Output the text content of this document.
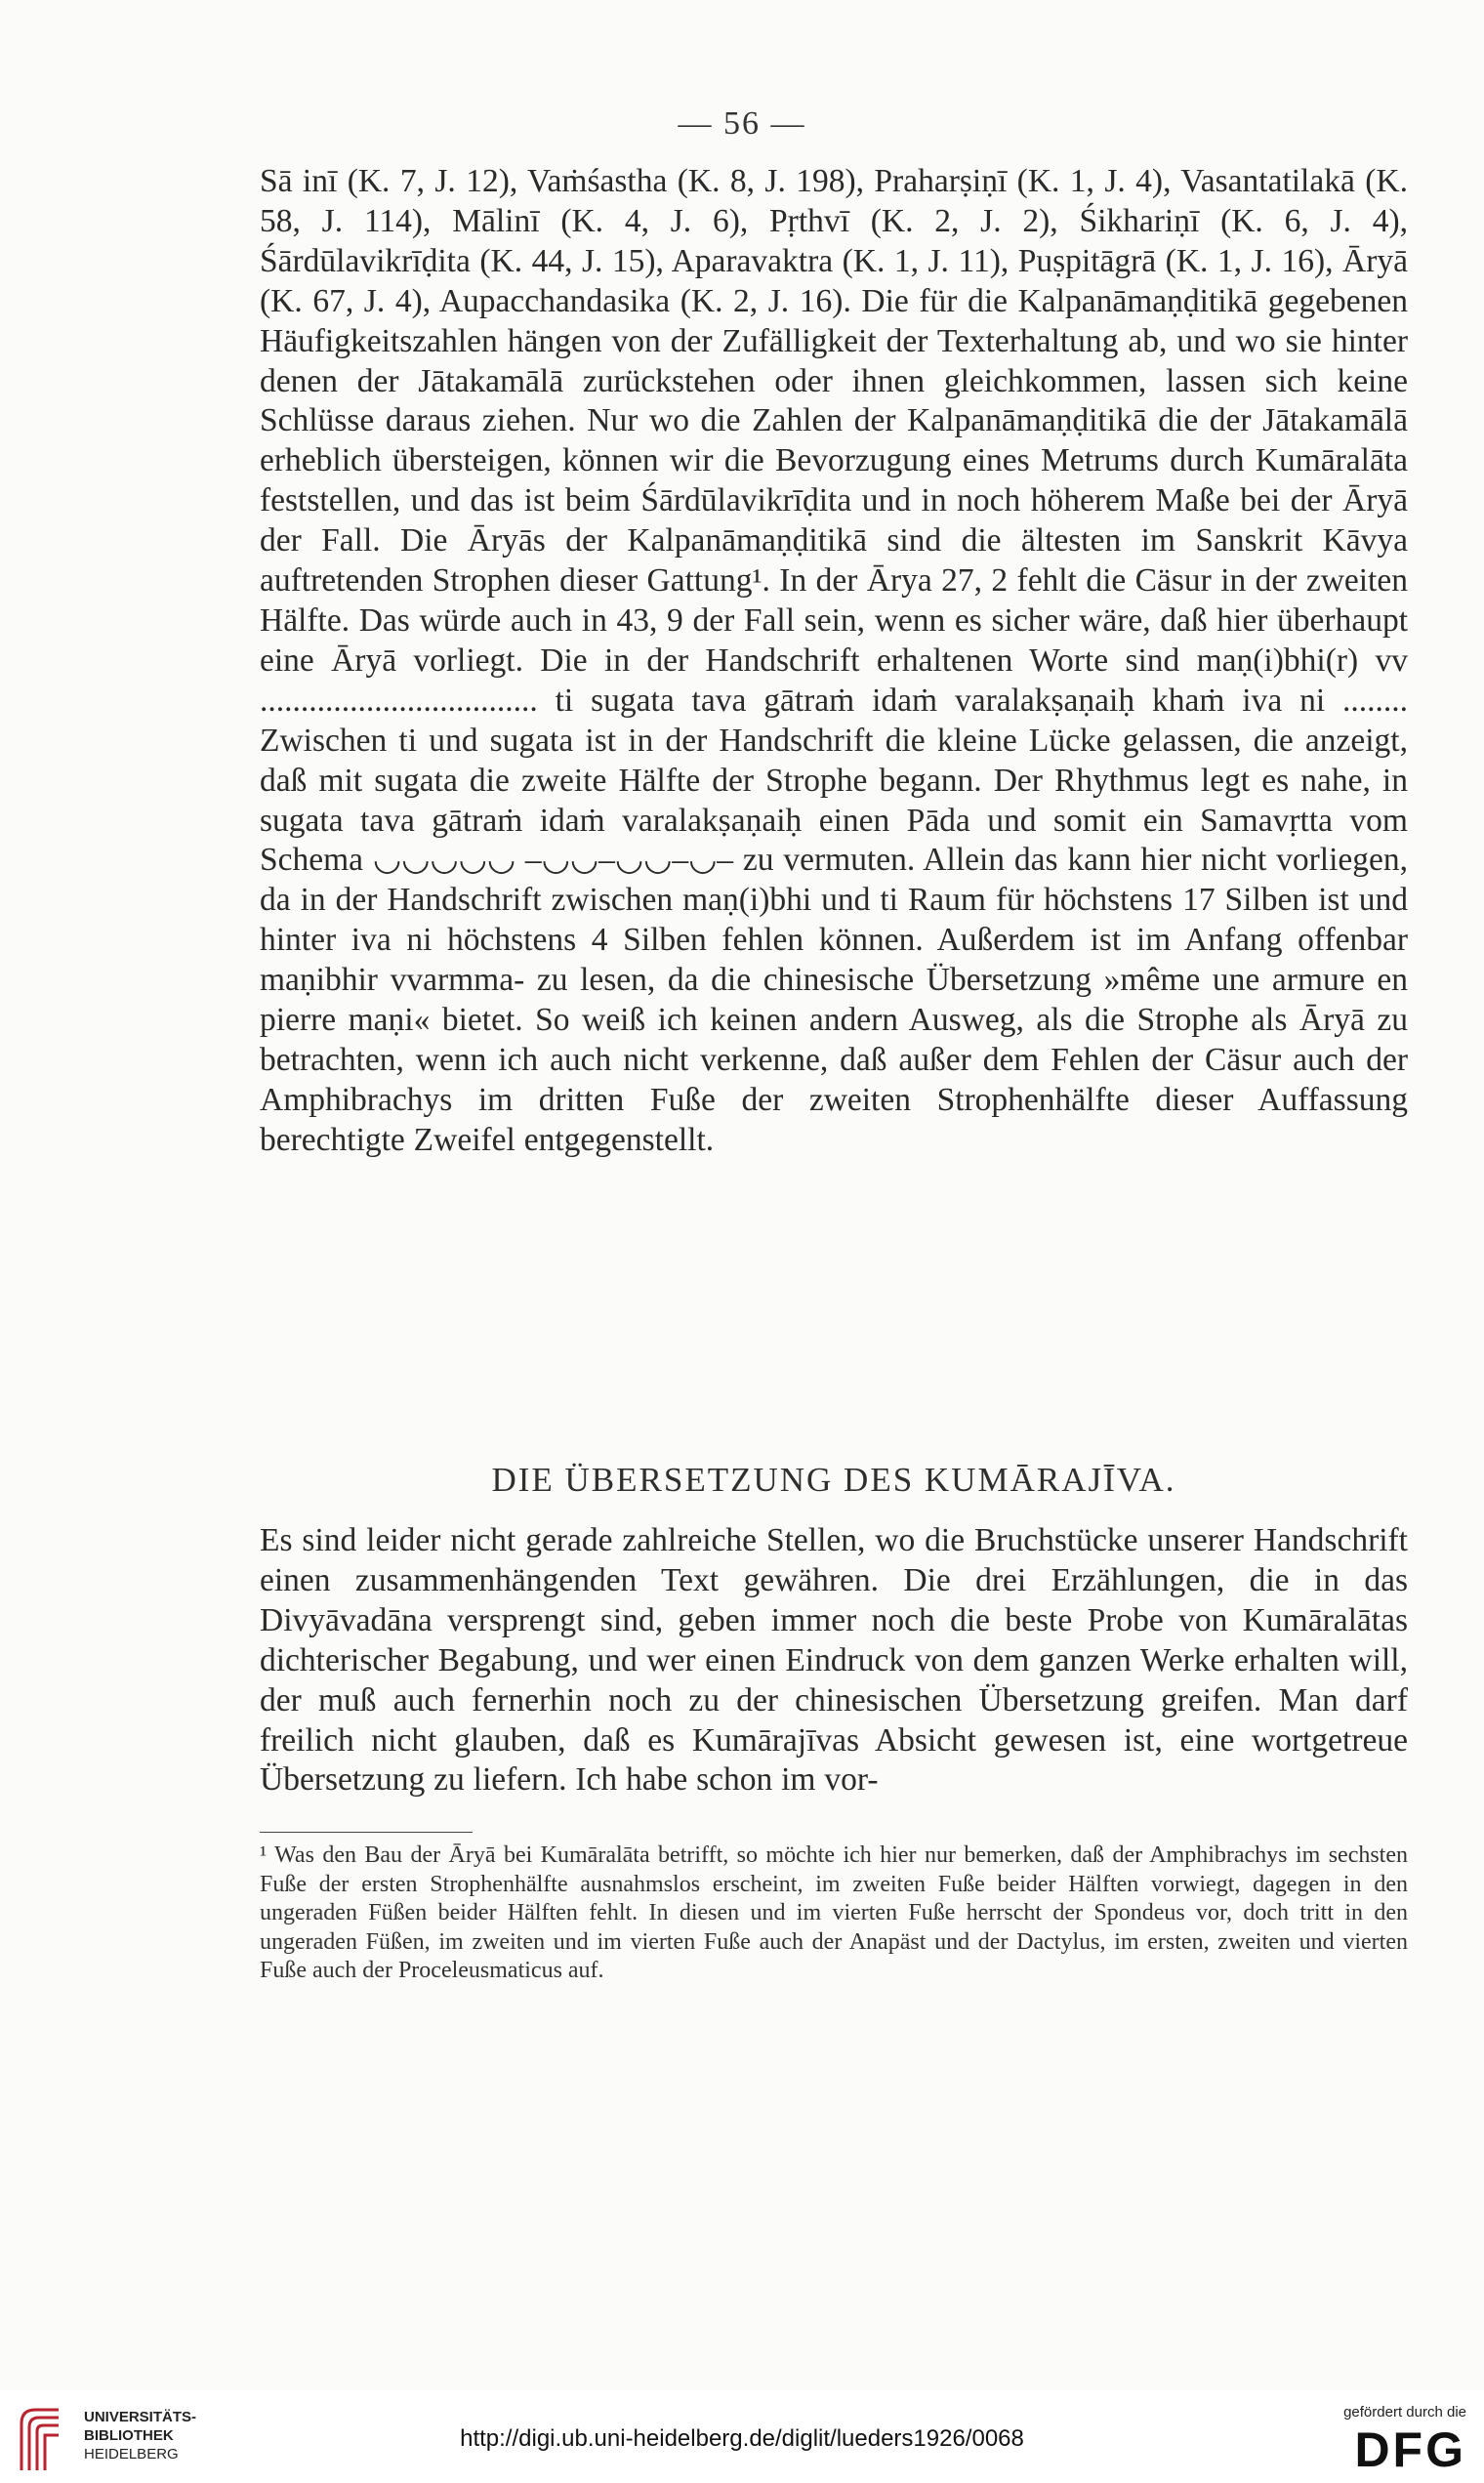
— 56 —

Sā inī (K. 7, J. 12), Vaṁśastha (K. 8, J. 198), Praharṣiṇī (K. 1, J. 4), Vasantatilakā (K. 58, J. 114), Mālinī (K. 4, J. 6), Pṛthvī (K. 2, J. 2), Śikhariṇī (K. 6, J. 4), Śārdūlavikrīḍita (K. 44, J. 15), Aparavaktra (K. 1, J. 11), Puṣpitāgrā (K. 1, J. 16), Āryā (K. 67, J. 4), Aupacchandasika (K. 2, J. 16). Die für die Kalpanāmaṇḍitikā gegebenen Häufigkeitszahlen hängen von der Zufälligkeit der Texterhaltung ab, und wo sie hinter denen der Jātakamālā zurückstehen oder ihnen gleichkommen, lassen sich keine Schlüsse daraus ziehen. Nur wo die Zahlen der Kalpanāmaṇḍitikā die der Jātakamālā erheblich übersteigen, können wir die Bevorzugung eines Metrums durch Kumāralāta feststellen, und das ist beim Śārdūlavikrīḍita und in noch höherem Maße bei der Āryā der Fall. Die Āryās der Kalpanāmaṇḍitikā sind die ältesten im Sanskrit Kāvya auftretenden Strophen dieser Gattung¹. In der Ārya 27, 2 fehlt die Cäsur in der zweiten Hälfte. Das würde auch in 43, 9 der Fall sein, wenn es sicher wäre, daß hier überhaupt eine Āryā vorliegt. Die in der Handschrift erhaltenen Worte sind maṇ(i)bhi(r) vv .................................. ti sugata tava gātraṁ idaṁ varalakṣaṇaiḥ khaṁ iva ni ........ Zwischen ti und sugata ist in der Handschrift die kleine Lücke gelassen, die anzeigt, daß mit sugata die zweite Hälfte der Strophe begann. Der Rhythmus legt es nahe, in sugata tava gātraṁ idaṁ varalakṣaṇaiḥ einen Pāda und somit ein Samavṛtta vom Schema ◡◡◡◡◡ –◡◡–◡◡–◡– zu vermuten. Allein das kann hier nicht vorliegen, da in der Handschrift zwischen maṇ(i)bhi und ti Raum für höchstens 17 Silben ist und hinter iva ni höchstens 4 Silben fehlen können. Außerdem ist im Anfang offenbar maṇibhir vvarmma- zu lesen, da die chinesische Übersetzung »même une armure en pierre maṇi« bietet. So weiß ich keinen andern Ausweg, als die Strophe als Āryā zu betrachten, wenn ich auch nicht verkenne, daß außer dem Fehlen der Cäsur auch der Amphibrachys im dritten Fuße der zweiten Strophenhälfte dieser Auffassung berechtigte Zweifel entgegenstellt.

DIE ÜBERSETZUNG DES KUMĀRAJĪVA.

Es sind leider nicht gerade zahlreiche Stellen, wo die Bruchstücke unserer Handschrift einen zusammenhängenden Text gewähren. Die drei Erzählungen, die in das Divyāvadāna versprengt sind, geben immer noch die beste Probe von Kumāralātas dichterischer Begabung, und wer einen Eindruck von dem ganzen Werke erhalten will, der muß auch fernerhin noch zu der chinesischen Übersetzung greifen. Man darf freilich nicht glauben, daß es Kumārajīvas Absicht gewesen ist, eine wortgetreue Übersetzung zu liefern. Ich habe schon im vor-

¹ Was den Bau der Āryā bei Kumāralāta betrifft, so möchte ich hier nur bemerken, daß der Amphibrachys im sechsten Fuße der ersten Strophenhälfte ausnahmslos erscheint, im zweiten Fuße beider Hälften vorwiegt, dagegen in den ungeraden Füßen beider Hälften fehlt. In diesen und im vierten Fuße herrscht der Spondeus vor, doch tritt in den ungeraden Füßen, im zweiten und im vierten Fuße auch der Anapäst und der Dactylus, im ersten, zweiten und vierten Fuße auch der Proceleusmaticus auf.

UNIVERSITÄTS-
BIBLIOTHEK
HEIDELBERG
http://digi.ub.uni-heidelberg.de/diglit/lueders1926/0068
gefördert durch die
DFG
